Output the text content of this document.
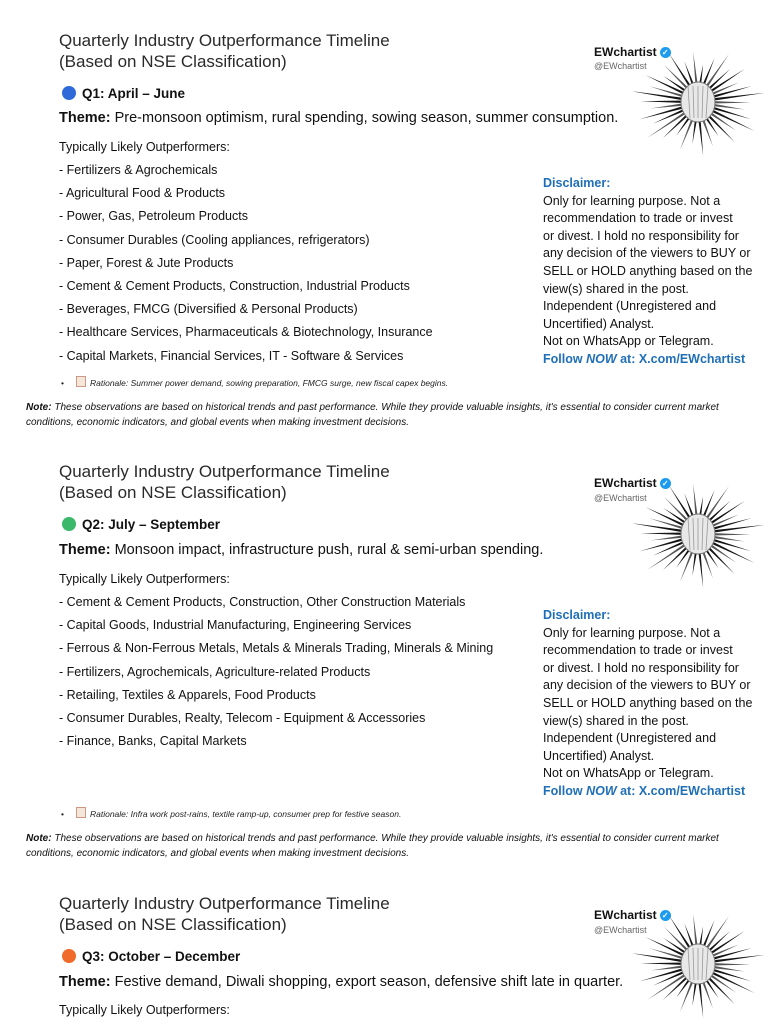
Quarterly Industry Outperformance Timeline
(Based on NSE Classification)	EWchartist ✓
@EWchartist
Q1: April – June
Theme: Pre-monsoon optimism, rural spending, sowing season, summer consumption.
Typically Likely Outperformers:
- Fertilizers & Agrochemicals
- Agricultural Food & Products
- Power, Gas, Petroleum Products
- Consumer Durables (Cooling appliances, refrigerators)
- Paper, Forest & Jute Products
- Cement & Cement Products, Construction, Industrial Products
- Beverages, FMCG (Diversified & Personal Products)
- Healthcare Services, Pharmaceuticals & Biotechnology, Insurance
- Capital Markets, Financial Services, IT - Software & Services
•	Rationale: Summer power demand, sowing preparation, FMCG surge, new fiscal capex begins.
Disclaimer:
Only for learning purpose. Not a
recommendation to trade or invest
or divest. I hold no responsibility for
any decision of the viewers to BUY or
SELL or HOLD anything based on the
view(s) shared in the post.
Independent (Unregistered and
Uncertified) Analyst.
Not on WhatsApp or Telegram.
Follow NOW at: X.com/EWchartist
Note: These observations are based on historical trends and past performance. While they provide valuable insights, it's essential to consider current market conditions, economic indicators, and global events when making investment decisions.
Quarterly Industry Outperformance Timeline
(Based on NSE Classification)	EWchartist ✓
@EWchartist
Q2: July – September
Theme: Monsoon impact, infrastructure push, rural & semi-urban spending.
Typically Likely Outperformers:
- Cement & Cement Products, Construction, Other Construction Materials
- Capital Goods, Industrial Manufacturing, Engineering Services
- Ferrous & Non-Ferrous Metals, Metals & Minerals Trading, Minerals & Mining
- Fertilizers, Agrochemicals, Agriculture-related Products
- Retailing, Textiles & Apparels, Food Products
- Consumer Durables, Realty, Telecom - Equipment & Accessories
- Finance, Banks, Capital Markets
•	Rationale: Infra work post-rains, textile ramp-up, consumer prep for festive season.
Disclaimer:
Only for learning purpose. Not a
recommendation to trade or invest
or divest. I hold no responsibility for
any decision of the viewers to BUY or
SELL or HOLD anything based on the
view(s) shared in the post.
Independent (Unregistered and
Uncertified) Analyst.
Not on WhatsApp or Telegram.
Follow NOW at: X.com/EWchartist
Note: These observations are based on historical trends and past performance. While they provide valuable insights, it's essential to consider current market conditions, economic indicators, and global events when making investment decisions.
Quarterly Industry Outperformance Timeline
(Based on NSE Classification)	EWchartist ✓
@EWchartist
Q3: October – December
Theme: Festive demand, Diwali shopping, export season, defensive shift late in quarter.
Typically Likely Outperformers:
